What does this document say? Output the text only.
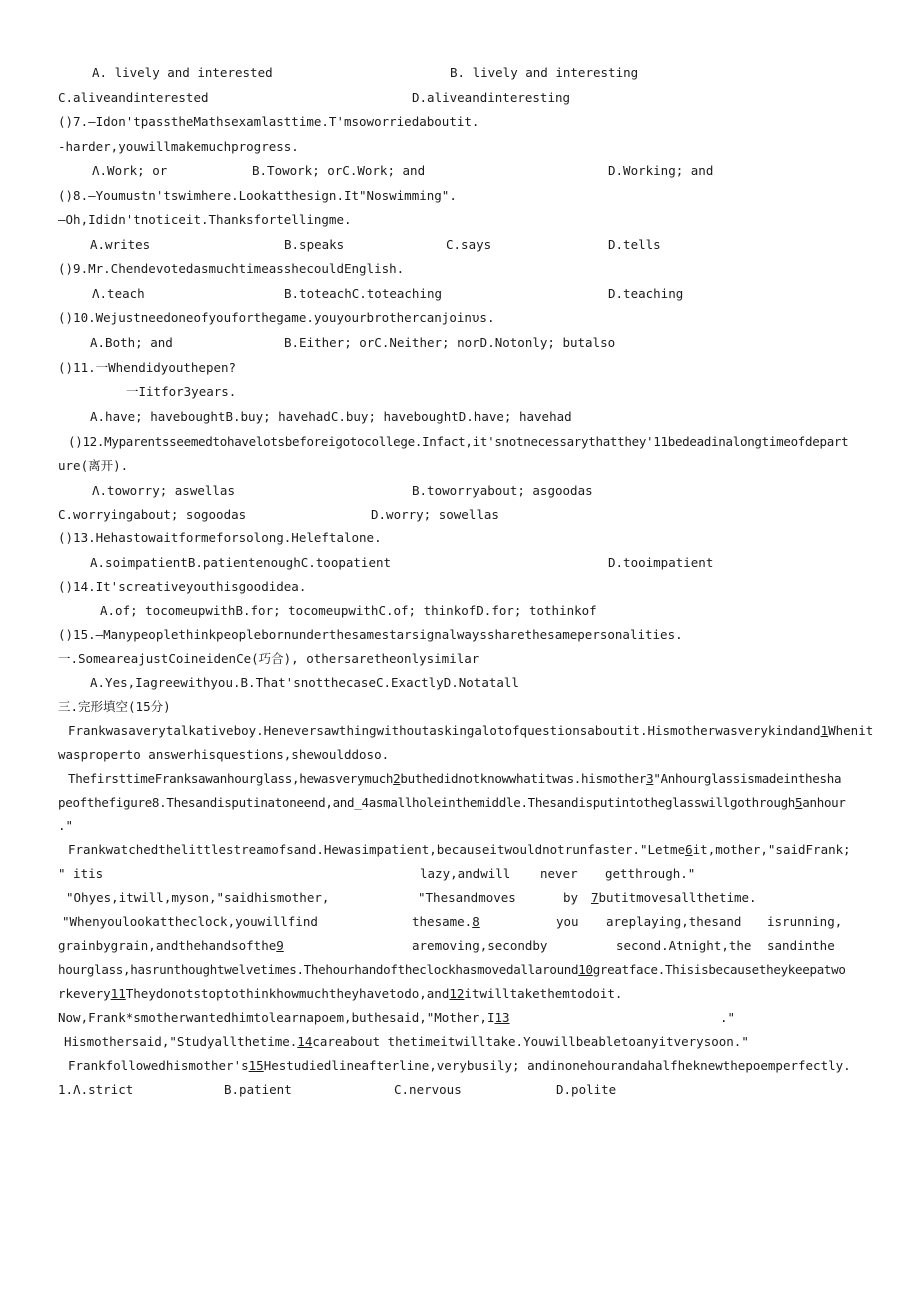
A. lively and interested	B. lively and interesting
C.aliveandinterested	D.aliveandinteresting
()7.—Idon'tpasstheMathsexamlasttime.T'msoworriedaboutit.
-harder,youwillmakemuchprogress.
Λ.Work; or	B.Towork; orC.Work; and	D.Working; and
()8.—Youmustn'tswimhere.Lookatthesign.It"Noswimming".
—Oh,Ididn'tnoticeit.Thanksfortellingme.
A.writes	B.speaks	C.says	D.tells
()9.Mr.ChendevotedasmuchtimeasshecouldEnglish.
Λ.teach	B.toteachC.toteaching	D.teaching
()10.Wejustneedoneofyouforthegame.youyourbrothercanjoinυs.
A.Both; and	B.Either; orC.Neither; norD.Notonly; butalso
()11.一Whendidyouthepen?
一Iitfor3years.
A.have; haveboughtB.buy; havehadC.buy; haveboughtD.have; havehad
()12.Myparentsseemedtohavelotsbeforeigotocollege.Infact,it'snotnecessarythatthey'11bedeadinalongtimeofdepart
ure(离开).
Λ.toworry; aswellas	B.toworryabout; asgoodas
C.worryingabout; sogoodas	D.worry; sowellas
()13.Hehastowaitformeforsolong.Heleftalone.
A.soimpatientB.patientenoughC.toopatient	D.tooimpatient
()14.It'screativeyouthisgoodidea.
A.of; tocomeupwithB.for; tocomeupwithC.of; thinkofD.for; tothinkof
()15.—Manypeoplethinkpeoplebornunderthesamestarsignalwayssharethesamepersonalities.
一.SomeareajustCoineidenCe(巧合), othersaretheonlysimilar
A.Yes,Iagreewithyou.B.That'snotthecaseC.ExactlyD.Notatall
三.完形填空(15分)
Frankwasaverytalkativeboy.Heneversawthingwithoutaskingalotofquestionsaboutit.Hismotherwasverykindand1Whenit
wasproperto answerhisquestions,shewoulddoso.
ThefirsttimeFranksawanhourglass,hewasverymuch2buthedidnotknowwhatitwas.hismother3"Anhourglassismadeinthesha
peofthefigure8.Thesandisputinatoneend,and_4asmallholeinthemiddle.Thesandisputintotheglasswillgothrough5anhour
."
Frankwatchedthelittlestreamofsand.Hewasimpatient,becauseitwouldnotrunfaster."Letme6it,mother,"saidFrank ;
" itis	lazy,andwill never getthrough."
"Ohyes,itwill,myson,"saidhismother,	"Thesandmoves	by 7butitmovesallthetime.
"Whenyoulookattheclock,youwillfind	thesame.8	you areplaying,thesand isrunning,
grainbygrain,andthehandsofthe9	aremoving,secondby	second.Atnight,the sandinthe
hourglass,hasrunthoughtwelvetimes.Thehourhandoftheclockhasmovedallaround10greatface.Thisisbecausetheykeepatwo
rkevery11Theydonotstoptothinkhowmuchtheyhavetodo,and12itwilltakethemtodoit.
Now,Frank*smotherwantedhimtolearnapoem,buthesaid,"Mother,I13	."
Hismothersaid,"Studyallthetime.14careabout thetimeitwilltake.Youwillbeabletoanyitverysoon."
Frankfollowedhismother's15Hestudiedlineafterline,verybusily; andinonehourandahalfheknewthepoemperfectly.
1.Λ.strict	B.patient	C.nervous	D.polite
